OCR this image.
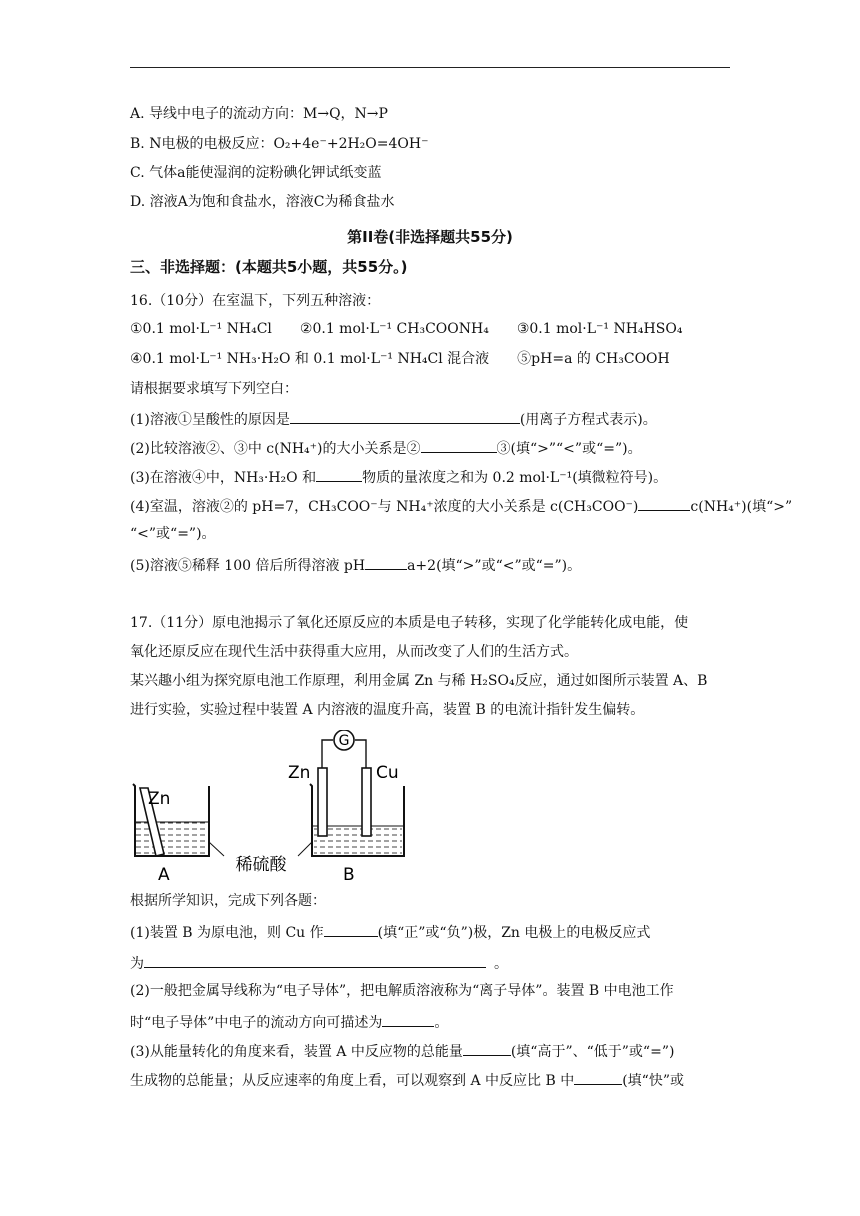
A. 导线中电子的流动方向：M→Q，N→P
B. N电极的电极反应：O₂+4e⁻+2H₂O=4OH⁻
C. 气体a能使湿润的淀粉碘化钾试纸变蓝
D. 溶液A为饱和食盐水，溶液C为稀食盐水
第II卷(非选择题共55分)
三、非选择题：(本题共5小题，共55分。)
16.（10分）在室温下，下列五种溶液：
①0.1 mol·L⁻¹ NH₄Cl　　②0.1 mol·L⁻¹ CH₃COONH₄　　③0.1 mol·L⁻¹ NH₄HSO₄
④0.1 mol·L⁻¹ NH₃·H₂O 和 0.1 mol·L⁻¹ NH₄Cl 混合液　　⑤pH=a 的 CH₃COOH
请根据要求填写下列空白：
(1)溶液①呈酸性的原因是	(用离子方程式表示)。
(2)比较溶液②、③中 c(NH₄⁺)的大小关系是②	③(填“>”“<”或“=”)。
(3)在溶液④中，NH₃·H₂O 和	物质的量浓度之和为 0.2 mol·L⁻¹(填微粒符号)。
(4)室温，溶液②的 pH=7，CH₃COO⁻与 NH₄⁺浓度的大小关系是 c(CH₃COO⁻)	c(NH₄⁺)(填“>”
“<”或“=”)。
(5)溶液⑤稀释 100 倍后所得溶液 pH	a+2(填“>”或“<”或“=”)。
17.（11分）原电池揭示了氧化还原反应的本质是电子转移，实现了化学能转化成电能，使
氧化还原反应在现代生活中获得重大应用，从而改变了人们的生活方式。
某兴趣小组为探究原电池工作原理，利用金属 Zn 与稀 H₂SO₄反应，通过如图所示装置 A、B
进行实验，实验过程中装置 A 内溶液的温度升高，装置 B 的电流计指针发生偏转。
Zn
A
G
Zn	Cu
B
稀硫酸
根据所学知识，完成下列各题：
(1)装置 B 为原电池，则 Cu 作	(填“正”或“负”)极，Zn 电极上的电极反应式
为	。
(2)一般把金属导线称为“电子导体”，把电解质溶液称为“离子导体”。装置 B 中电池工作
时“电子导体”中电子的流动方向可描述为	。
(3)从能量转化的角度来看，装置 A 中反应物的总能量	(填“高于”、“低于”或“=”)
生成物的总能量；从反应速率的角度上看，可以观察到 A 中反应比 B 中	(填“快”或
